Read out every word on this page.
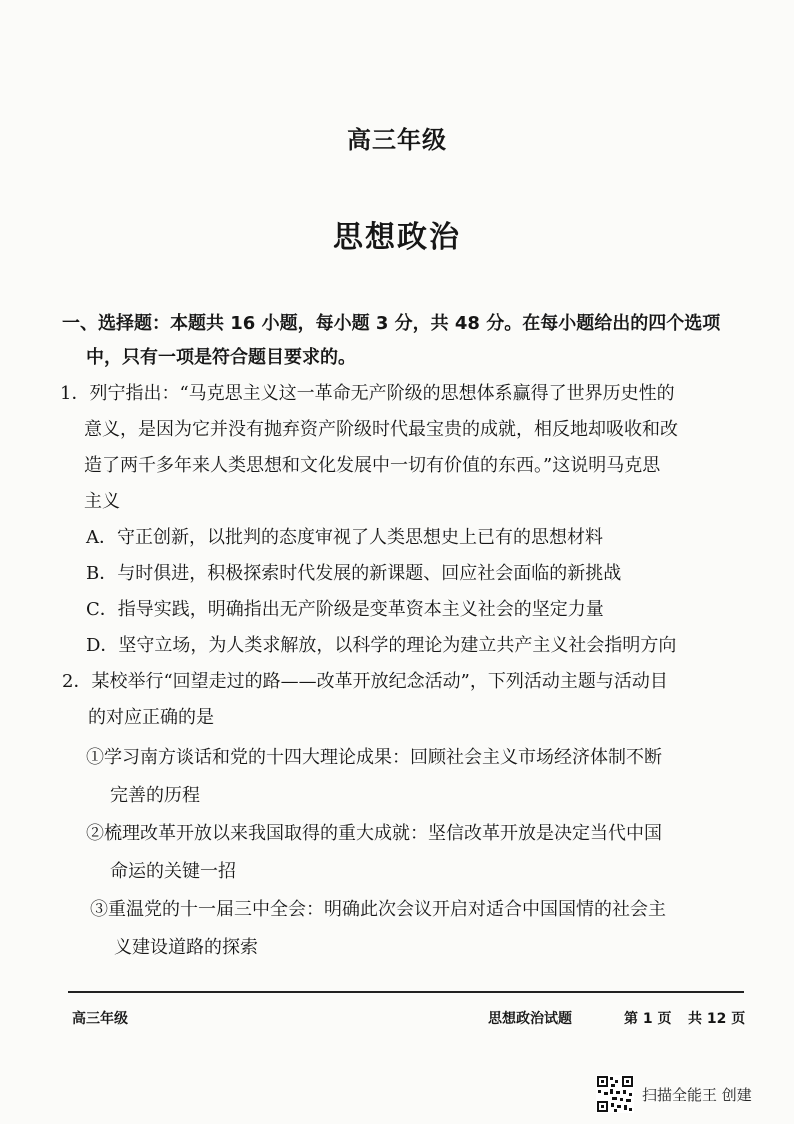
高三年级
思想政治
一、选择题：本题共 16 小题，每小题 3 分，共 48 分。在每小题给出的四个选项
中，只有一项是符合题目要求的。
1．列宁指出：“马克思主义这一革命无产阶级的思想体系赢得了世界历史性的
意义，是因为它并没有抛弃资产阶级时代最宝贵的成就，相反地却吸收和改
造了两千多年来人类思想和文化发展中一切有价值的东西。”这说明马克思
主义
A．守正创新，以批判的态度审视了人类思想史上已有的思想材料
B．与时俱进，积极探索时代发展的新课题、回应社会面临的新挑战
C．指导实践，明确指出无产阶级是变革资本主义社会的坚定力量
D．坚守立场，为人类求解放，以科学的理论为建立共产主义社会指明方向
2．某校举行“回望走过的路——改革开放纪念活动”，下列活动主题与活动目
的对应正确的是
①学习南方谈话和党的十四大理论成果：回顾社会主义市场经济体制不断
完善的历程
②梳理改革开放以来我国取得的重大成就：坚信改革开放是决定当代中国
命运的关键一招
③重温党的十一届三中全会：明确此次会议开启对适合中国国情的社会主
义建设道路的探索
高三年级	思想政治试题	第 1 页 共 12 页
扫描全能王 创建
